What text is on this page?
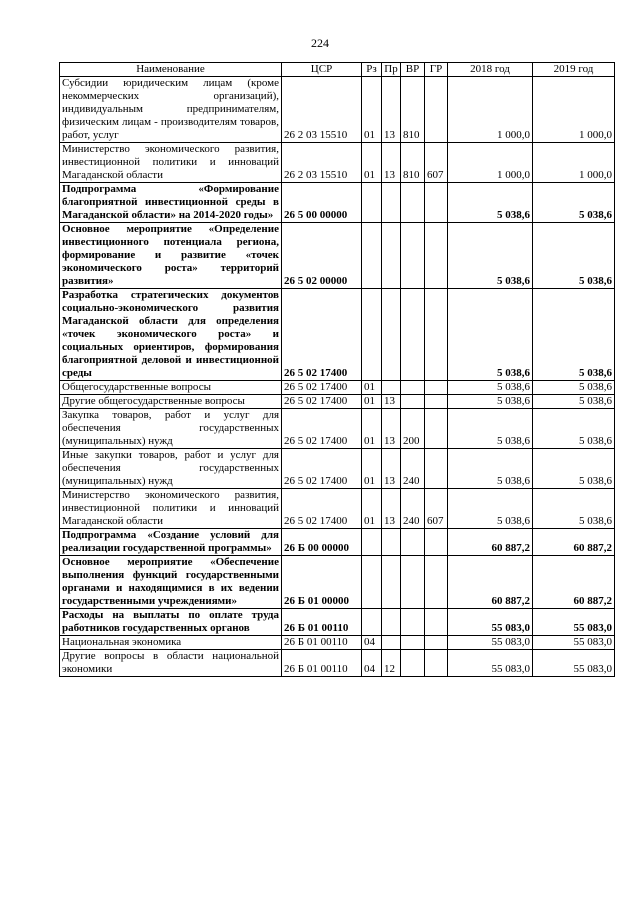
224
Наименование	ЦСР	Рз	Пр	ВР	ГР	2018 год	2019 год
Субсидии юридическим лицам (кроме некоммерческих организаций), индивидуальным предпринимателям, физическим лицам - производителям товаров, работ, услуг	26 2 03 15510	01	13	810		1 000,0	1 000,0
Министерство экономического развития, инвестиционной политики и инноваций Магаданской области	26 2 03 15510	01	13	810	607	1 000,0	1 000,0
Подпрограмма «Формирование благоприятной инвестиционной среды в Магаданской области» на 2014-2020 годы»	26 5 00 00000					5 038,6	5 038,6
Основное мероприятие «Определение инвестиционного потенциала региона, формирование и развитие «точек экономического роста» территорий развития»	26 5 02 00000					5 038,6	5 038,6
Разработка стратегических документов социально-экономического развития Магаданской области для определения «точек экономического роста» и социальных ориентиров, формирования благоприятной деловой и инвестиционной среды	26 5 02 17400					5 038,6	5 038,6
Общегосударственные вопросы	26 5 02 17400	01				5 038,6	5 038,6
Другие общегосударственные вопросы	26 5 02 17400	01	13			5 038,6	5 038,6
Закупка товаров, работ и услуг для обеспечения государственных (муниципальных) нужд	26 5 02 17400	01	13	200		5 038,6	5 038,6
Иные закупки товаров, работ и услуг для обеспечения государственных (муниципальных) нужд	26 5 02 17400	01	13	240		5 038,6	5 038,6
Министерство экономического развития, инвестиционной политики и инноваций Магаданской области	26 5 02 17400	01	13	240	607	5 038,6	5 038,6
Подпрограмма «Создание условий для реализации государственной программы»	26 Б 00 00000					60 887,2	60 887,2
Основное мероприятие «Обеспечение выполнения функций государственными органами и находящимися в их ведении государственными учреждениями»	26 Б 01 00000					60 887,2	60 887,2
Расходы на выплаты по оплате труда работников государственных органов	26 Б 01 00110					55 083,0	55 083,0
Национальная экономика	26 Б 01 00110	04				55 083,0	55 083,0
Другие вопросы в области национальной экономики	26 Б 01 00110	04	12			55 083,0	55 083,0
